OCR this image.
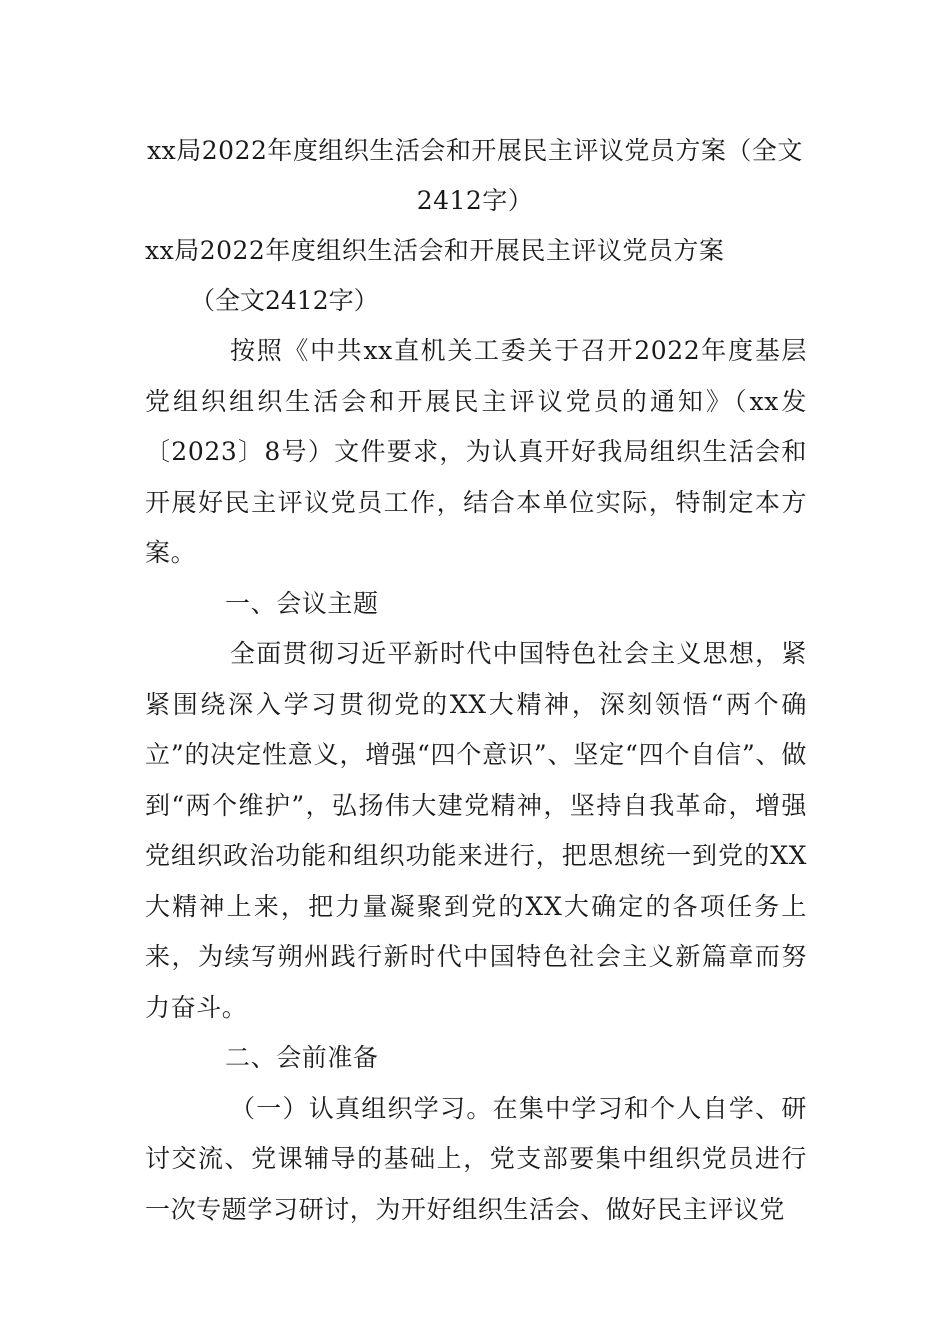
xx局2022年度组织生活会和开展民主评议党员方案（全文2412字）
xx局2022年度组织生活会和开展民主评议党员方案
（全文2412字）

按照《中共xx直机关工委关于召开2022年度基层党组织组织生活会和开展民主评议党员的通知》（xx发〔2023〕8号）文件要求，为认真开好我局组织生活会和开展好民主评议党员工作，结合本单位实际，特制定本方案。

一、会议主题

全面贯彻习近平新时代中国特色社会主义思想，紧紧围绕深入学习贯彻党的XX大精神，深刻领悟“两个确立”的决定性意义，增强“四个意识”、坚定“四个自信”、做到“两个维护”，弘扬伟大建党精神，坚持自我革命，增强党组织政治功能和组织功能来进行，把思想统一到党的XX大精神上来，把力量凝聚到党的XX大确定的各项任务上来，为续写朔州践行新时代中国特色社会主义新篇章而努力奋斗。

二、会前准备

（一）认真组织学习。在集中学习和个人自学、研讨交流、党课辅导的基础上，党支部要集中组织党员进行一次专题学习研讨，为开好组织生活会、做好民主评议党
